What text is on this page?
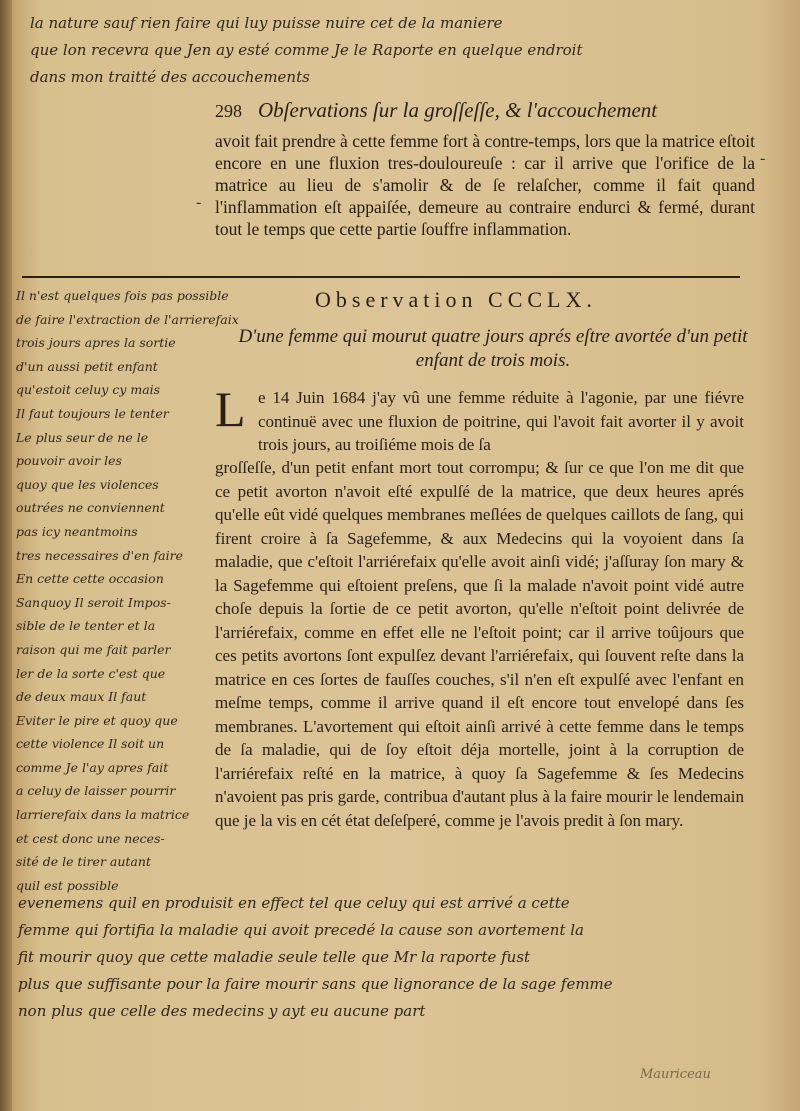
la nature sauf rien faire qui luy puisse nuire cet de la maniere
que lon recevra que Jen ay esté comme Je le Raporte en quelque endroit
dans mon traitté des accouchements
298 Obſervations ſur la groſſeſſe, & l'accouchement
avoit fait prendre à cette femme fort à contre-temps, lors que la matrice eſtoit encore en une fluxion tres-douloureuſe : car il arrive que l'orifice de la matrice au lieu de s'amolir & de ſe relaſcher, comme il fait quand l'inflammation eſt appaiſée, demeure au contraire endurci & fermé, durant tout le temps que cette partie ſouffre inflammation.
-
-
Observation CCCLX.
D'une femme qui mourut quatre jours aprés eſtre avortée d'un petit enfant de trois mois.
L e 14 Juin 1684 j'ay vû une femme réduite à l'agonie, par une fiévre continuë avec une fluxion de poitrine, qui l'avoit fait avorter il y avoit trois jours, au troiſiéme mois de ſa
groſſeſſe, d'un petit enfant mort tout corrompu; & ſur ce que l'on me dit que ce petit avorton n'avoit eſté expulſé de la matrice, que deux heures aprés qu'elle eût vidé quelques membranes meſlées de quelques caillots de ſang, qui firent croire à ſa Sagefemme, & aux Medecins qui la voyoient dans ſa maladie, que c'eſtoit l'arriérefaix qu'elle avoit ainſi vidé; j'aſſuray ſon mary & la Sagefemme qui eſtoient preſens, que ſi la malade n'avoit point vidé autre choſe depuis la ſortie de ce petit avorton, qu'elle n'eſtoit point delivrée de l'arriérefaix, comme en effet elle ne l'eſtoit point; car il arrive toûjours que ces petits avortons ſont expulſez devant l'arriérefaix, qui ſouvent reſte dans la matrice en ces ſortes de fauſſes couches, s'il n'en eſt expulſé avec l'enfant en meſme temps, comme il arrive quand il eſt encore tout envelopé dans ſes membranes. L'avortement qui eſtoit ainſi arrivé à cette femme dans le temps de ſa maladie, qui de ſoy eſtoit déja mortelle, joint à la corruption de l'arriérefaix reſté en la matrice, à quoy ſa Sagefemme & ſes Medecins n'avoient pas pris garde, contribua d'autant plus à la faire mourir le lendemain que je la vis en cét état deſeſperé, comme je l'avois predit à ſon mary.
Il n'est quelques fois pas possible
de faire l'extraction de l'arrierefaix
trois jours apres la sortie
d'un aussi petit enfant
qu'estoit celuy cy mais
Il faut toujours le tenter
Le plus seur de ne le
pouvoir avoir les
quoy que les violences
outrées ne conviennent
pas icy neantmoins
tres necessaires d'en faire
En cette cette occasion
Sanquoy Il seroit Impos-
sible de le tenter et la
raison qui me fait parler
ler de la sorte c'est que
de deux maux Il faut
Eviter le pire et quoy que
cette violence Il soit un
comme Je l'ay apres fait
a celuy de laisser pourrir
larrierefaix dans la matrice
et cest donc une neces-
sité de le tirer autant
quil est possible
evenemens quil en produisit en effect tel que celuy qui est arrivé a cette
femme qui fortifia la maladie qui avoit precedé la cause son avortement la
fit mourir quoy que cette maladie seule telle que Mr la raporte fust
plus que suffisante pour la faire mourir sans que lignorance de la sage femme
non plus que celle des medecins y ayt eu aucune part
Mauriceau
